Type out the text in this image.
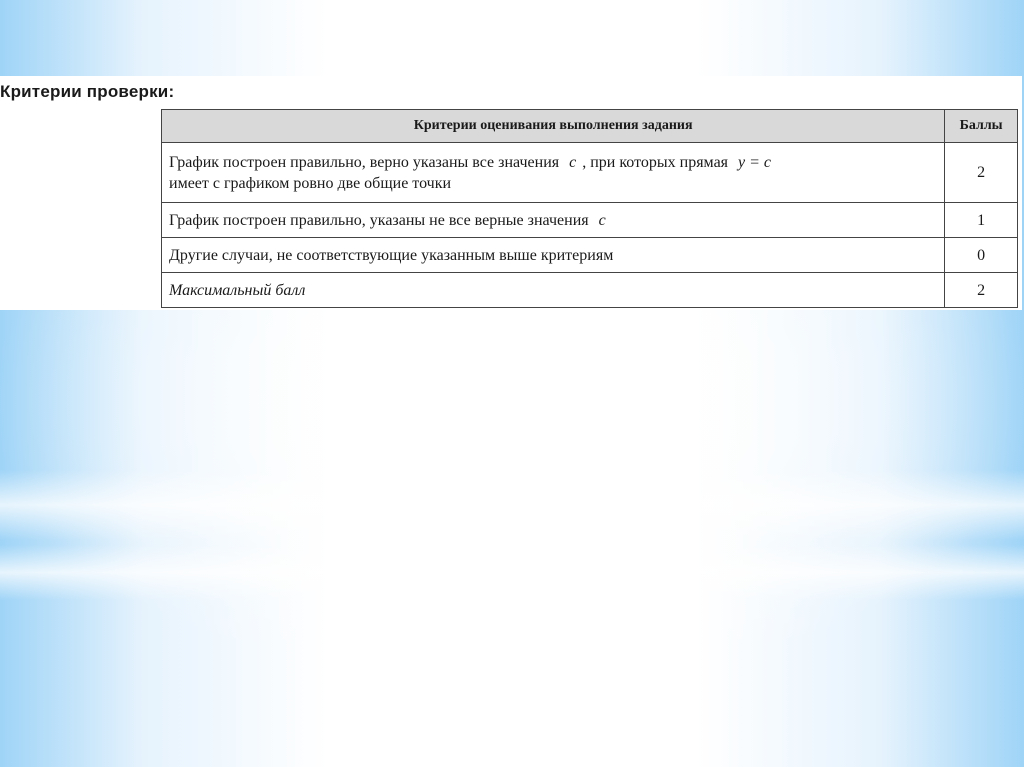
Критерии проверки:
Критерии оценивания выполнения задания	Баллы
График построен правильно, верно указаны все значения c , при которых прямая y = c
имеет с графиком ровно две общие точки	2
График построен правильно, указаны не все верные значения c	1
Другие случаи, не соответствующие указанным выше критериям	0
Максимальный балл	2
